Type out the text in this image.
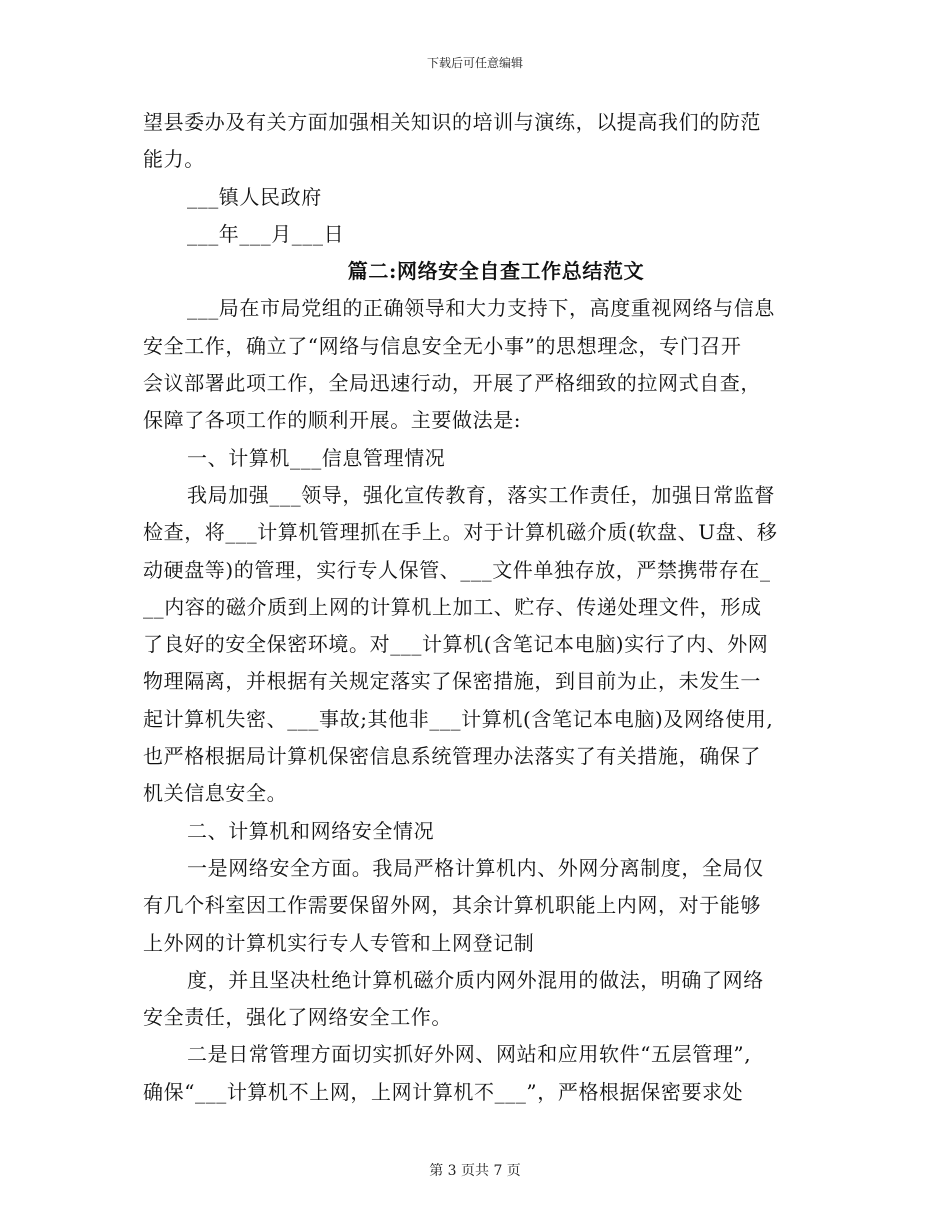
下载后可任意编辑
望县委办及有关方面加强相关知识的培训与演练，以提高我们的防范
能力。
___镇人民政府
___年___月___日
篇二:网络安全自查工作总结范文
___局在市局党组的正确领导和大力支持下，高度重视网络与信息
安全工作，确立了“网络与信息安全无小事”的思想理念，专门召开
会议部署此项工作，全局迅速行动，开展了严格细致的拉网式自查，
保障了各项工作的顺利开展。主要做法是:
一、计算机___信息管理情况
我局加强___领导，强化宣传教育，落实工作责任，加强日常监督
检查，将___计算机管理抓在手上。对于计算机磁介质(软盘、U盘、移
动硬盘等)的管理，实行专人保管、___文件单独存放，严禁携带存在_
__内容的磁介质到上网的计算机上加工、贮存、传递处理文件，形成
了良好的安全保密环境。对___计算机(含笔记本电脑)实行了内、外网
物理隔离，并根据有关规定落实了保密措施，到目前为止，未发生一
起计算机失密、___事故;其他非___计算机(含笔记本电脑)及网络使用,
也严格根据局计算机保密信息系统管理办法落实了有关措施，确保了
机关信息安全。
二、计算机和网络安全情况
一是网络安全方面。我局严格计算机内、外网分离制度，全局仅
有几个科室因工作需要保留外网，其余计算机职能上内网，对于能够
上外网的计算机实行专人专管和上网登记制
度，并且坚决杜绝计算机磁介质内网外混用的做法，明确了网络
安全责任，强化了网络安全工作。
二是日常管理方面切实抓好外网、网站和应用软件“五层管理”,
确保“___计算机不上网，上网计算机不___”，严格根据保密要求处
第 3 页共 7 页
